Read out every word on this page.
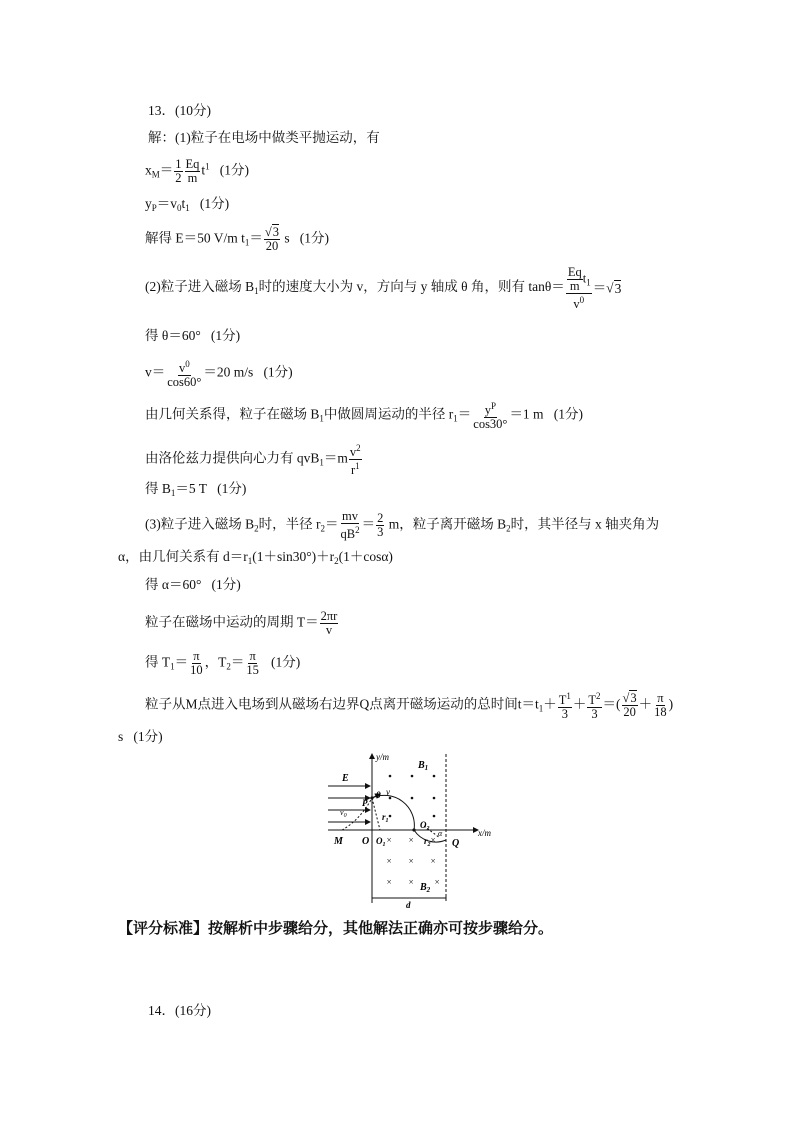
13．(10分)
解：(1)粒子在电场中做类平抛运动，有
$x_M= \frac{1}{2} \frac{Eq}{m} t^1$ (1分)
$y_P=v_0t_1$ (1分)
解得 E＝50 V/m $t_1= \frac{√3}{20}$ s (1分)
(2)粒子进入磁场 $B_1$时的速度大小为 v，方向与 y 轴成 θ 角，则有 $\tan\theta= \frac{\frac{Eq}{m} t_1}{v^0} =√3$
得 θ＝60° (1分)
$v= \frac{v^0}{\cos 60^\circ} =20$ m/s (1分)
由几何关系得，粒子在磁场 $B_1$中做圆周运动的半径 $r_1= \frac{y^P}{\cos 30^\circ} =1$ m (1分)
由洛伦兹力提供向心力有 $qvB_1=m \frac{v^2}{r^1}$
得 $B_1=5$ T (1分)
(3)粒子进入磁场 $B_2$时，半径 $r_2= \frac{mv}{qB^2} = \frac{2}{3}$ m，粒子离开磁场 $B_2$时，其半径与 x 轴夹角为
α，由几何关系有 $d=r_1(1+\sin 30^\circ)+r_2(1+\cos\alpha)$
得 α＝60° (1分)
粒子在磁场中运动的周期 $T= \frac{2\pi r}{v}$
得 $T_1= \frac{\pi}{10}$ ，$T_2= \frac{\pi}{15} (1$分)
粒子从M点进入电场到从磁场右边界Q点离开磁场运动的总时间$t=t_1+ \frac{T^1}{3} + \frac{T^2}{3}$ ＝( $\frac{√3}{20} + \frac{\pi}{18}$ )
s (1分)
× × ×
× × ×
× × ×
y/m
x/m
E
$B_1$
$B_2$
$v_0$
θ v
P
$r_1$	$O_2$
$O_1$	$r_2$
α
Q
M O
d
【评分标准】按解析中步骤给分，其他解法正确亦可按步骤给分。
14．(16分)
